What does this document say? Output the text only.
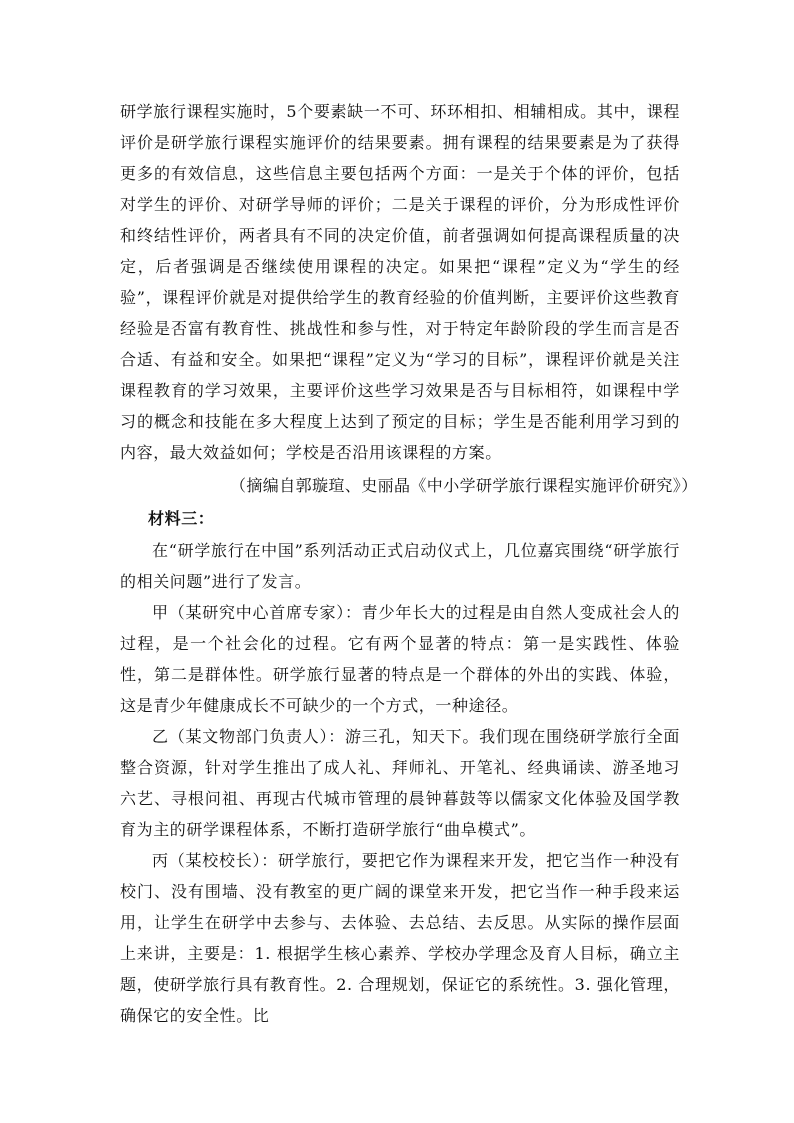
研学旅行课程实施时，5个要素缺一不可、环环相扣、相辅相成。其中，课程评价是研学旅行课程实施评价的结果要素。拥有课程的结果要素是为了获得更多的有效信息，这些信息主要包括两个方面：一是关于个体的评价，包括对学生的评价、对研学导师的评价；二是关于课程的评价，分为形成性评价和终结性评价，两者具有不同的决定价值，前者强调如何提高课程质量的决定，后者强调是否继续使用课程的决定。如果把“课程”定义为“学生的经验”，课程评价就是对提供给学生的教育经验的价值判断，主要评价这些教育经验是否富有教育性、挑战性和参与性，对于特定年龄阶段的学生而言是否合适、有益和安全。如果把“课程”定义为“学习的目标”，课程评价就是关注课程教育的学习效果，主要评价这些学习效果是否与目标相符，如课程中学习的概念和技能在多大程度上达到了预定的目标；学生是否能利用学习到的内容，最大效益如何；学校是否沿用该课程的方案。

（摘编自郭璇瑄、史丽晶《中小学研学旅行课程实施评价研究》）

材料三：

在“研学旅行在中国”系列活动正式启动仪式上，几位嘉宾围绕“研学旅行的相关问题”进行了发言。

甲（某研究中心首席专家）：青少年长大的过程是由自然人变成社会人的过程，是一个社会化的过程。它有两个显著的特点：第一是实践性、体验性，第二是群体性。研学旅行显著的特点是一个群体的外出的实践、体验，这是青少年健康成长不可缺少的一个方式，一种途径。

乙（某文物部门负责人）：游三孔，知天下。我们现在围绕研学旅行全面整合资源，针对学生推出了成人礼、拜师礼、开笔礼、经典诵读、游圣地习六艺、寻根问祖、再现古代城市管理的晨钟暮鼓等以儒家文化体验及国学教育为主的研学课程体系，不断打造研学旅行“曲阜模式”。

丙（某校校长）：研学旅行，要把它作为课程来开发，把它当作一种没有校门、没有围墙、没有教室的更广阔的课堂来开发，把它当作一种手段来运用，让学生在研学中去参与、去体验、去总结、去反思。从实际的操作层面上来讲，主要是：1. 根据学生核心素养、学校办学理念及育人目标，确立主题，使研学旅行具有教育性。2. 合理规划，保证它的系统性。3. 强化管理，确保它的安全性。比
